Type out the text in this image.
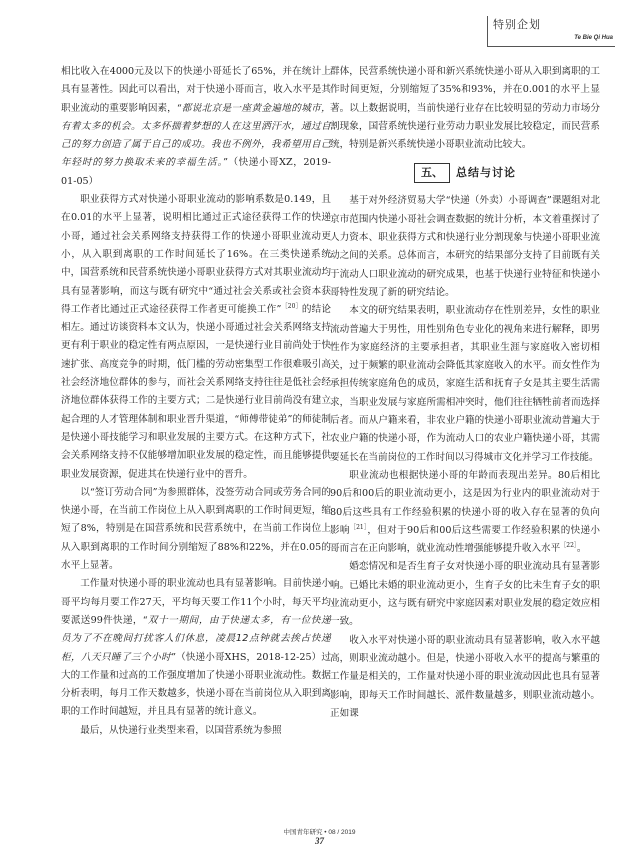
特别企划
Te Bie Qi Hua

相比收入在4000元及以下的快递小哥延长了65%，并在统计上具有显著性。因此可以看出，对于快递小哥而言，收入水平是其职业流动的重要影响因素，“都说北京是一座黄金遍地的城市，有着太多的机会。太多怀揣着梦想的人在这里洒汗水，通过自己的努力创造了属于自己的成功。我也不例外，我希望用自己年轻时的努力换取未来的幸福生活。”（快递小哥XZ，2019-01-05）

职业获得方式对快递小哥职业流动的影响系数是0.149，且在0.01的水平上显著，说明相比通过正式途径获得工作的快递小哥，通过社会关系网络支持获得工作的快递小哥职业流动更小，从入职到离职的工作时间延长了16%。在三类快递系统中，国营系统和民营系统快递小哥职业获得方式对其职业流动均具有显著影响，而这与既有研究中“通过社会关系或社会资本获得工作者比通过正式途径获得工作者更可能换工作”$^{[20]}$的结论相左。通过访谈资料本文认为，快递小哥通过社会关系网络支持更有利于职业的稳定性有两点原因，一是快递行业目前尚处于快速扩张、高度竞争的时期，低门槛的劳动密集型工作很难吸引高社会经济地位群体的参与，而社会关系网络支持往往是低社会经济地位群体获得工作的主要方式；二是快递行业目前尚没有建立起合理的人才管理体制和职业晋升渠道，“师傅带徒弟”的师徒制是快递小哥技能学习和职业发展的主要方式。在这种方式下，社会关系网络支持不仅能够增加职业发展的稳定性，而且能够提供职业发展资源，促进其在快递行业中的晋升。

以“签订劳动合同”为参照群体，没签劳动合同或劳务合同的快递小哥，在当前工作岗位上从入职到离职的工作时间更短，缩短了8%，特别是在国营系统和民营系统中，在当前工作岗位上从入职到离职的工作时间分别缩短了88%和22%，并在0.05的水平上显著。

工作量对快递小哥的职业流动也具有显著影响。目前快递小哥平均每月要工作27天，平均每天要工作11个小时，每天平均要派送99件快递，“双十一期间，由于快递太多，有一位快递员为了不在晚间打扰客人们休息，凌晨12点钟就去挨占快递柜，八天只睡了三个小时”（快递小哥XHS，2018-12-25）过大的工作量和过高的工作强度增加了快递小哥职业流动性。数据分析表明，每月工作天数越多，快递小哥在当前岗位从入职到离职的工作时间越短，并且具有显著的统计意义。

最后，从快递行业类型来看，以国营系统为参照

群体，民营系统快递小哥和新兴系统快递小哥从入职到离职的工作时间更短，分别缩短了35%和93%，并在0.001的水平上显著。以上数据说明，当前快递行业存在比较明显的劳动力市场分割现象，国营系统快递行业劳动力职业发展比较稳定，而民营系统，特别是新兴系统快递小哥职业流动比较大。

五、	总结与讨论

基于对外经济贸易大学“快递（外卖）小哥调查”课题组对北京市范围内快递小哥社会调查数据的统计分析，本文着重探讨了人力资本、职业获得方式和快递行业分割现象与快递小哥职业流动之间的关系。总体而言，本研究的结果部分支持了目前既有关于流动人口职业流动的研究成果，也基于快递行业特征和快递小哥特性发现了新的研究结论。

本文的研究结果表明，职业流动存在性别差异，女性的职业流动普遍大于男性，用性别角色专业化的视角来进行解释，即男性作为家庭经济的主要承担者，其职业生涯与家庭收入密切相关，过于频繁的职业流动会降低其家庭收入的水平。而女性作为承担传统家庭角色的成员，家庭生活和抚育子女是其主要生活需求，当职业发展与家庭所需相冲突时，他们往往牺牲前者而选择后者。而从户籍来看，非农业户籍的快递小哥职业流动普遍大于农业户籍的快递小哥，作为流动人口的农业户籍快递小哥，其需要延长在当前岗位的工作时间以习得城市文化并学习工作技能。

职业流动也根据快递小哥的年龄而表现出差异。80后相比90后和00后的职业流动更小，这是因为行业内的职业流动对于80后这些具有工作经验积累的快递小哥的收入存在显著的负向影响$^{[21]}$，但对于90后和00后这些需要工作经验积累的快递小哥而言在正向影响，就业流动性增强能够提升收入水平$^{[22]}$。

婚恋情况和是否生育子女对快递小哥的职业流动具有显著影响。已婚比未婚的职业流动更小，生育子女的比未生育子女的职业流动更小，这与既有研究中家庭因素对职业发展的稳定效应相一致。

收入水平对快递小哥的职业流动具有显著影响，收入水平越高，则职业流动越小。但是，快递小哥收入水平的提高与繁重的工作量是相关的，工作量对快递小哥的职业流动因此也具有显著影响，即每天工作时间越长、派件数量越多，则职业流动越小。正如课

中国青年研究 • 08 / 2019
37
